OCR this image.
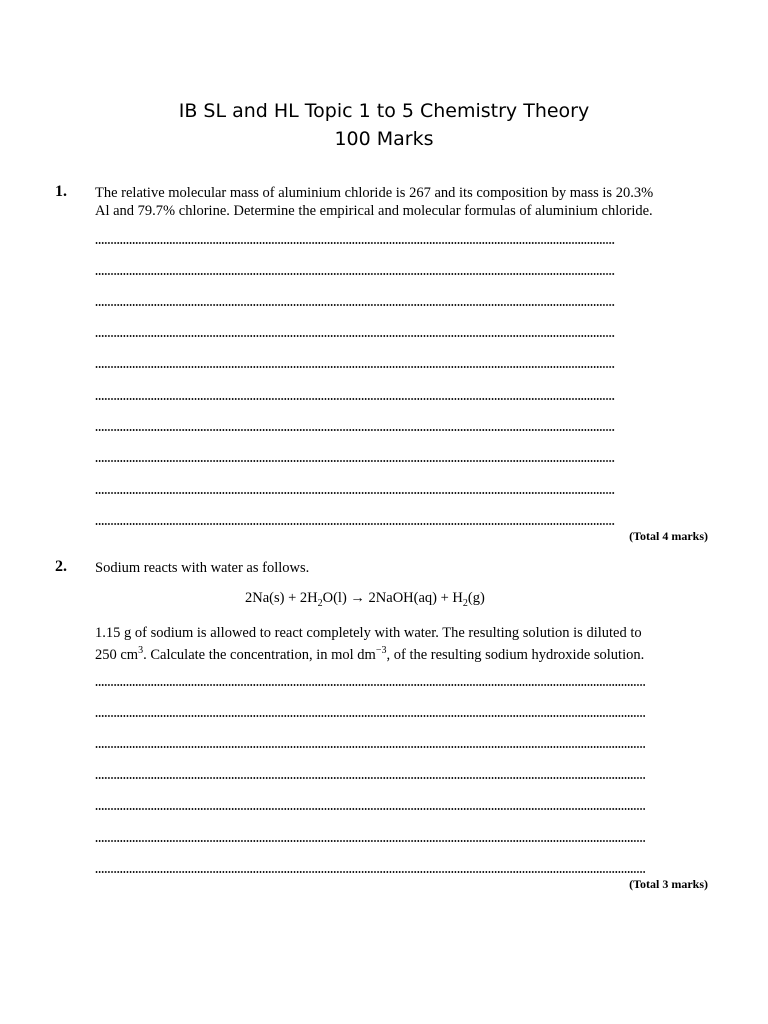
IB SL and HL Topic 1 to 5 Chemistry Theory
100 Marks
1. The relative molecular mass of aluminium chloride is 267 and its composition by mass is 20.3%
Al and 79.7% chlorine. Determine the empirical and molecular formulas of aluminium chloride.
(Total 4 marks)
2. Sodium reacts with water as follows.
$2Na(s) + 2H_2O(l)$ → 2NaOH(aq) + $H_2(g)$
1.15 g of sodium is allowed to react completely with water. The resulting solution is diluted to
250 $cm^3$. Calculate the concentration, in mol $dm^{-3}$, of the resulting sodium hydroxide solution.
(Total 3 marks)
